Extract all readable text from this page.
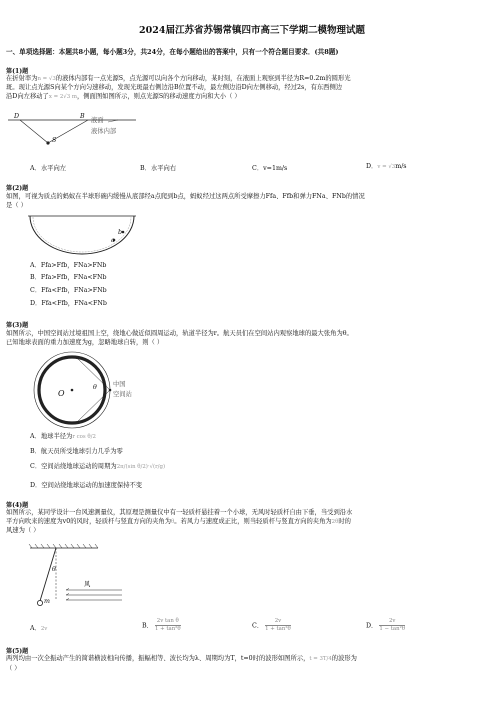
2024届江苏省苏锡常镇四市高三下学期二模物理试题
一、单项选择题：本题共8小题，每小题3分，共24分，在每小题给出的答案中，只有一个符合题目要求．(共8题)
第(1)题
在折射率为n = √3的液体内部有一点光源S，点光源可以向各个方向移动，某时刻，在液面上观察到半径为R=0.2m的圆形光
斑。现让点光源S向某个方向匀速移动，发现光斑最右侧边沿B位置不动，最左侧边沿D向左侧移动，经过2s，有东西侧边
沿D向左移动了x = 2√3 m，侧面图如图所示，则点光源S的移动速度方向和大小（ ）
D	B
S
液面
液体内部
A．水平向左	B．水平向右	C．v=1m/s	D．v = √3m/s
第(2)题
如图，可视为质点的蚂蚁在半球形碗内缓慢从底部经a点爬到b点，蚂蚁经过这两点所受摩擦力Ffa、Ffb和弹力FNa、FNb的情况
是（ ）
a
b
A．Ffa>Ffb，FNa>FNb
B．Ffa>Ffb，FNa<FNb
C．Ffa<Ffb，FNa>FNb
D．Ffa<Ffb，FNa<FNb
第(3)题
如图所示，中国空间站过境祖国上空，绕地心做近似圆周运动，轨道半径为r。航天员们在空间站内观察地球的最大张角为θ。
已知地球表面的重力加速度为g，忽略地球自转，则（ ）
O
θ	中国
空间站
A．地球半径为r cos θ/2
B．航天员所受地球引力几乎为零
C．空间站绕地球运动的周期为2π/(sin θ/2)·√(r/g)
D．空间站绕地球运动的加速度保持不变
第(4)题
如图所示，某同学设计一台风速测量仪，其原理是测量仪中有一轻质杆悬挂着一个小球，无风时轻质杆自由下垂，当受到沿水
平方向吹来的速度为v0的风时，轻质杆与竖直方向的夹角为θ。若风力与速度成正比，则当轻质杆与竖直方向的夹角为2θ时的
风速为（ ）
θ
风
m
A．2v	B． $\frac{\text{2v tan θ}}{\text{1 + tan²θ}}$	C． $\frac{2v}{\text{1 + tan²θ}}$	D． $\frac{2v}{\text{1 − tan²θ}}$
第(5)题
两列均由一次全振动产生的简谐横波相向传播，振幅相等、波长均为λ、周期均为T，t=0时的波形如图所示，t = 3T/4的波形为
（ ）
